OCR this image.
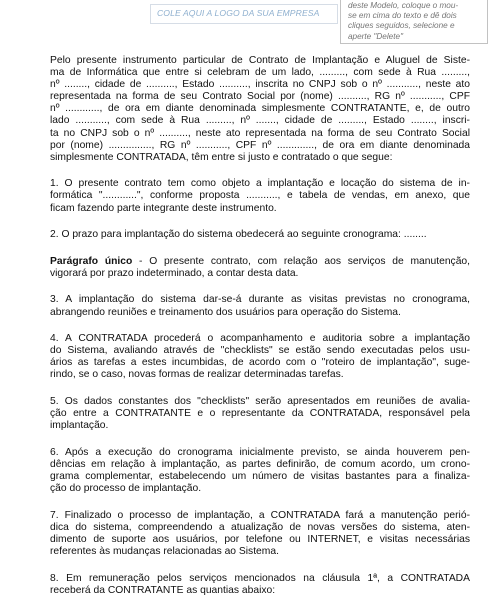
COLE AQUI A LOGO DA SUA EMPRESA
deste Modelo, coloque o mou-
se em cima do texto e dê dois
cliques seguidos, selecione e
aperte "Delete"
Pelo presente instrumento particular de Contrato de Implantação e Aluguel de Siste-
ma de Informática que entre si celebram de um lado, ........., com sede à Rua .........,
nº ........, cidade de .........., Estado .........., inscrita no CNPJ sob o nº ..........., neste ato
representada na forma de seu Contrato Social por (nome) .........., RG nº ..........., CPF
nº ............, de ora em diante denominada simplesmente CONTRATANTE, e, de outro
lado ..........., com sede à Rua ........., nº ......., cidade de ........., Estado ........, inscri-
ta no CNPJ sob o nº .........., neste ato representada na forma de seu Contrato Social
por (nome) ..............., RG nº ..........., CPF nº ............., de ora em diante denominada
simplesmente CONTRATADA, têm entre si justo e contratado o que segue:
1. O presente contrato tem como objeto a implantação e locação do sistema de in-
formática "............", conforme proposta ..........., e tabela de vendas, em anexo, que
ficam fazendo parte integrante deste instrumento.
2. O prazo para implantação do sistema obedecerá ao seguinte cronograma: ........
Parágrafo único - O presente contrato, com relação aos serviços de manutenção,
vigorará por prazo indeterminado, a contar desta data.
3. A implantação do sistema dar-se-á durante as visitas previstas no cronograma,
abrangendo reuniões e treinamento dos usuários para operação do Sistema.
4. A CONTRATADA procederá o acompanhamento e auditoria sobre a implantação
do Sistema, avaliando através de "checklists" se estão sendo executadas pelos usu-
ários as tarefas a estes incumbidas, de acordo com o "roteiro de implantação", suge-
rindo, se o caso, novas formas de realizar determinadas tarefas.
5. Os dados constantes dos "checklists" serão apresentados em reuniões de avalia-
ção entre a CONTRATANTE e o representante da CONTRATADA, responsável pela
implantação.
6. Após a execução do cronograma inicialmente previsto, se ainda houverem pen-
dências em relação à implantação, as partes definirão, de comum acordo, um crono-
grama complementar, estabelecendo um número de visitas bastantes para a finaliza-
ção do processo de implantação.
7. Finalizado o processo de implantação, a CONTRATADA fará a manutenção perió-
dica do sistema, compreendendo a atualização de novas versões do sistema, aten-
dimento de suporte aos usuários, por telefone ou INTERNET, e visitas necessárias
referentes às mudanças relacionadas ao Sistema.
8. Em remuneração pelos serviços mencionados na cláusula 1ª, a CONTRATADA
receberá da CONTRATANTE as quantias abaixo:
